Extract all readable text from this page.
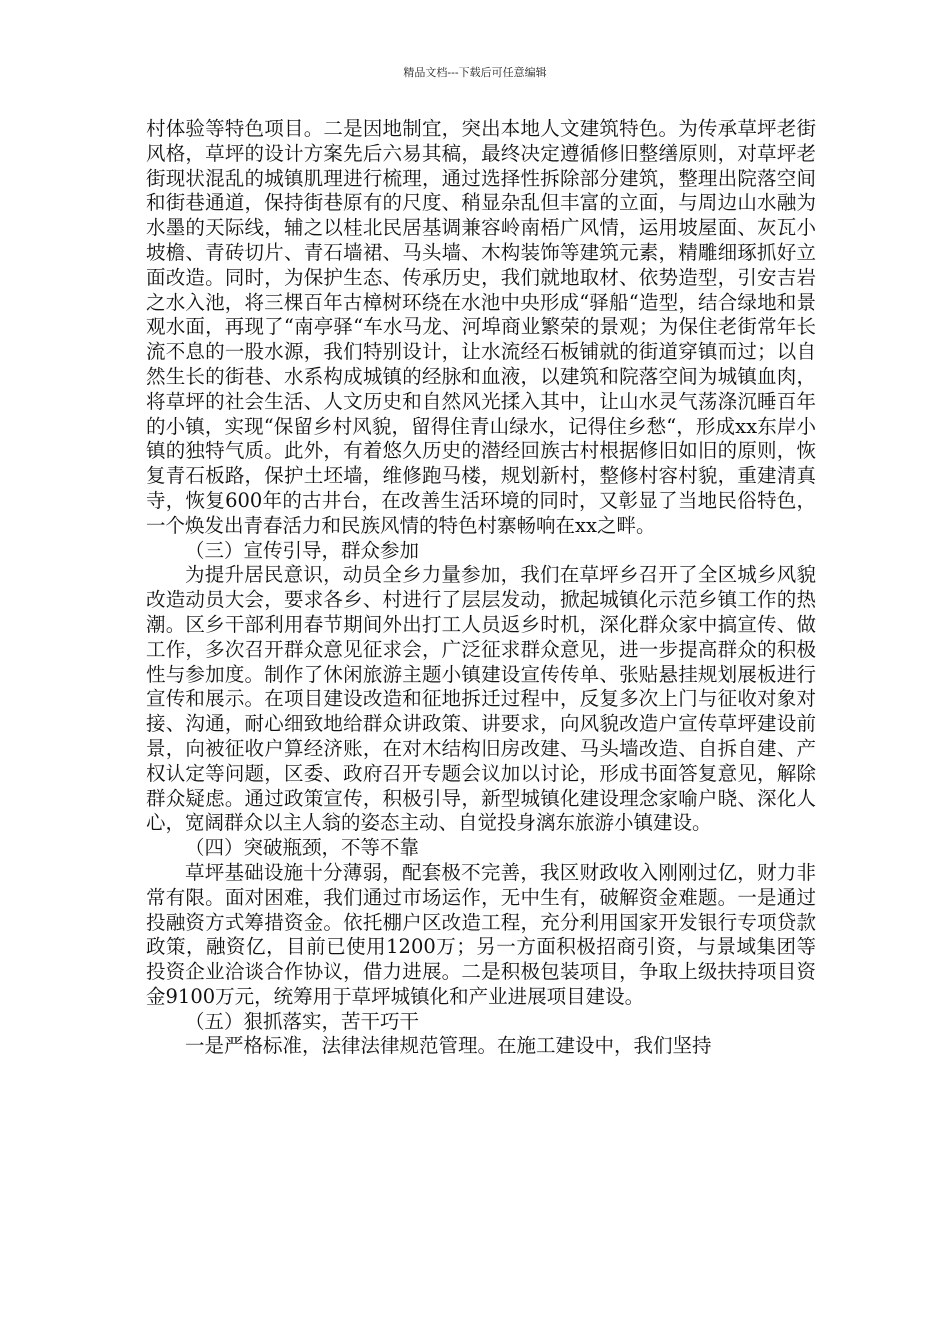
精品文档---下载后可任意编辑

村体验等特色项目。二是因地制宜，突出本地人文建筑特色。为传承草坪老街风格，草坪的设计方案先后六易其稿，最终决定遵循修旧整缮原则，对草坪老街现状混乱的城镇肌理进行梳理，通过选择性拆除部分建筑，整理出院落空间和街巷通道，保持街巷原有的尺度、稍显杂乱但丰富的立面，与周边山水融为水墨的天际线，辅之以桂北民居基调兼容岭南梧广风情，运用坡屋面、灰瓦小坡檐、青砖切片、青石墙裙、马头墙、木构装饰等建筑元素，精雕细琢抓好立面改造。同时，为保护生态、传承历史，我们就地取材、依势造型，引安吉岩之水入池，将三棵百年古樟树环绕在水池中央形成“驿船“造型，结合绿地和景观水面，再现了“南亭驿“车水马龙、河埠商业繁荣的景观；为保住老街常年长流不息的一股水源，我们特别设计，让水流经石板铺就的街道穿镇而过；以自然生长的街巷、水系构成城镇的经脉和血液，以建筑和院落空间为城镇血肉，将草坪的社会生活、人文历史和自然风光揉入其中，让山水灵气荡涤沉睡百年的小镇，实现“保留乡村风貌，留得住青山绿水，记得住乡愁“，形成xx东岸小镇的独特气质。此外，有着悠久历史的潜经回族古村根据修旧如旧的原则，恢复青石板路，保护土坯墙，维修跑马楼，规划新村，整修村容村貌，重建清真寺，恢复600年的古井台，在改善生活环境的同时，又彰显了当地民俗特色，一个焕发出青春活力和民族风情的特色村寨畅响在xx之畔。

（三）宣传引导，群众参加

为提升居民意识，动员全乡力量参加，我们在草坪乡召开了全区城乡风貌改造动员大会，要求各乡、村进行了层层发动，掀起城镇化示范乡镇工作的热潮。区乡干部利用春节期间外出打工人员返乡时机，深化群众家中搞宣传、做工作，多次召开群众意见征求会，广泛征求群众意见，进一步提高群众的积极性与参加度。制作了休闲旅游主题小镇建设宣传传单、张贴悬挂规划展板进行宣传和展示。在项目建设改造和征地拆迁过程中，反复多次上门与征收对象对接、沟通，耐心细致地给群众讲政策、讲要求，向风貌改造户宣传草坪建设前景，向被征收户算经济账，在对木结构旧房改建、马头墙改造、自拆自建、产权认定等问题，区委、政府召开专题会议加以讨论，形成书面答复意见，解除群众疑虑。通过政策宣传，积极引导，新型城镇化建设理念家喻户晓、深化人心，宽阔群众以主人翁的姿态主动、自觉投身漓东旅游小镇建设。

（四）突破瓶颈，不等不靠

草坪基础设施十分薄弱，配套极不完善，我区财政收入刚刚过亿，财力非常有限。面对困难，我们通过市场运作，无中生有，破解资金难题。一是通过投融资方式筹措资金。依托棚户区改造工程，充分利用国家开发银行专项贷款政策，融资亿，目前已使用1200万；另一方面积极招商引资，与景域集团等投资企业洽谈合作协议，借力进展。二是积极包装项目，争取上级扶持项目资金9100万元，统筹用于草坪城镇化和产业进展项目建设。

（五）狠抓落实，苦干巧干

一是严格标准，法律法律规范管理。在施工建设中，我们坚持
